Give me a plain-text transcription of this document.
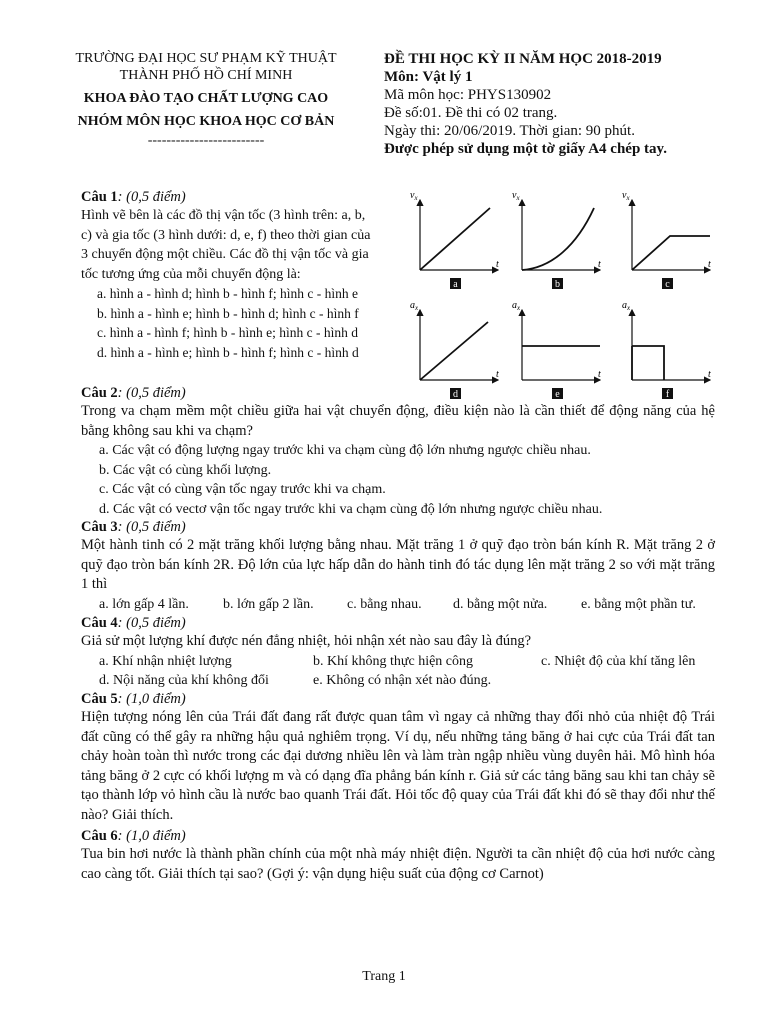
TRƯỜNG ĐẠI HỌC SƯ PHẠM KỸ THUẬT
THÀNH PHỐ HỒ CHÍ MINH
KHOA ĐÀO TẠO CHẤT LƯỢNG CAO
NHÓM MÔN HỌC KHOA HỌC CƠ BẢN
-------------------------
ĐỀ THI HỌC KỲ II NĂM HỌC 2018-2019
Môn: Vật lý 1
Mã môn học: PHYS130902
Đề số:01. Đề thi có 02 trang.
Ngày thi: 20/06/2019. Thời gian: 90 phút.
Được phép sử dụng một tờ giấy A4 chép tay.
Câu 1: (0,5 điểm)
Hình vẽ bên là các đồ thị vận tốc (3 hình trên: a, b,
c) và gia tốc (3 hình dưới: d, e, f) theo thời gian của
3 chuyển động một chiều. Các đồ thị vận tốc và gia
tốc tương ứng của mỗi chuyển động là:
a. hình a - hình d; hình b - hình f; hình c - hình e
b. hình a - hình e; hình b - hình d; hình c - hình f
c. hình a - hình f; hình b - hình e; hình c - hình d
d. hình a - hình e; hình b - hình f; hình c - hình d
$v_x$
t
a
$v_x$
t
b
$v_x$
t
c
$a_x$
t
d
$a_x$
t
e
$a_x$
t
f
Câu 2: (0,5 điểm)
Trong va chạm mềm một chiều giữa hai vật chuyển động, điều kiện nào là cần thiết để động năng của hệ bằng không sau khi va chạm?
a. Các vật có động lượng ngay trước khi va chạm cùng độ lớn nhưng ngược chiều nhau.
b. Các vật có cùng khối lượng.
c. Các vật có cùng vận tốc ngay trước khi va chạm.
d. Các vật có vectơ vận tốc ngay trước khi va chạm cùng độ lớn nhưng ngược chiều nhau.
Câu 3: (0,5 điểm)
Một hành tinh có 2 mặt trăng khối lượng bằng nhau. Mặt trăng 1 ở quỹ đạo tròn bán kính R. Mặt trăng 2 ở quỹ đạo tròn bán kính 2R. Độ lớn của lực hấp dẫn do hành tinh đó tác dụng lên mặt trăng 2 so với mặt trăng 1 thì
a. lớn gấp 4 lần. b. lớn gấp 2 lần. c. bằng nhau. d. bằng một nửa. e. bằng một phần tư.
Câu 4: (0,5 điểm)
Giả sử một lượng khí được nén đẳng nhiệt, hỏi nhận xét nào sau đây là đúng?
a. Khí nhận nhiệt lượng	b. Khí không thực hiện công	c. Nhiệt độ của khí tăng lên
d. Nội năng của khí không đổi	e. Không có nhận xét nào đúng.
Câu 5: (1,0 điểm)
Hiện tượng nóng lên của Trái đất đang rất được quan tâm vì ngay cả những thay đổi nhỏ của nhiệt độ Trái đất cũng có thể gây ra những hậu quả nghiêm trọng. Ví dụ, nếu những tảng băng ở hai cực của Trái đất tan chảy hoàn toàn thì nước trong các đại dương nhiều lên và làm tràn ngập nhiều vùng duyên hải. Mô hình hóa tảng băng ở 2 cực có khối lượng m và có dạng đĩa phẳng bán kính r. Giả sử các tảng băng sau khi tan chảy sẽ tạo thành lớp vỏ hình cầu là nước bao quanh Trái đất. Hỏi tốc độ quay của Trái đất khi đó sẽ thay đổi như thế nào? Giải thích.
Câu 6: (1,0 điểm)
Tua bin hơi nước là thành phần chính của một nhà máy nhiệt điện. Người ta cần nhiệt độ của hơi nước càng cao càng tốt. Giải thích tại sao? (Gợi ý: vận dụng hiệu suất của động cơ Carnot)
Trang 1
